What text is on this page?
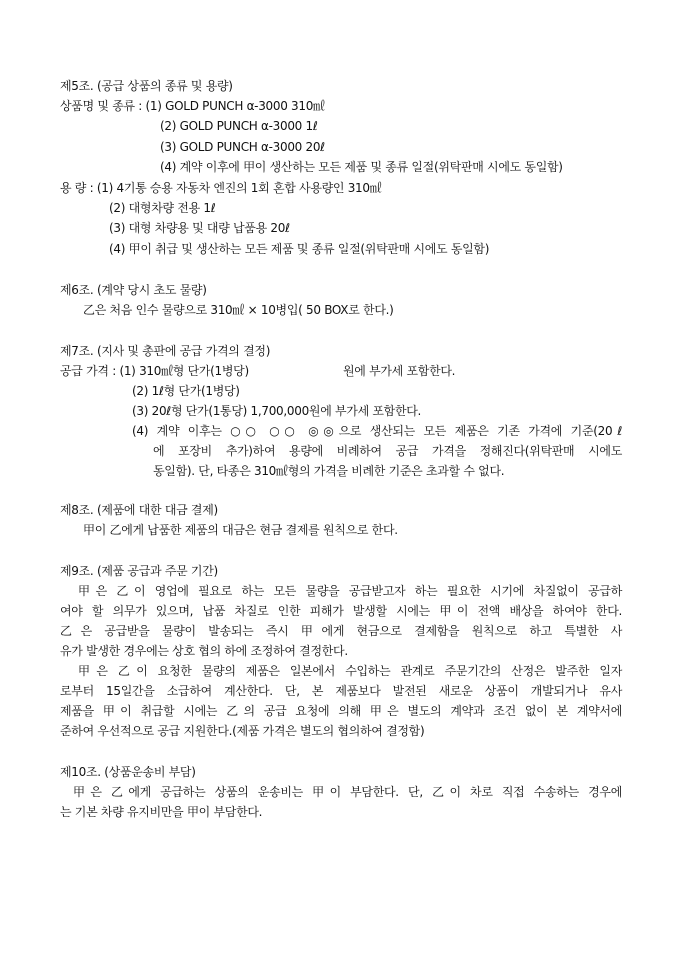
제5조. (공급 상품의 종류 및 용량)
상품명 및 종류 : (1) GOLD PUNCH α-3000 310㎖
(2) GOLD PUNCH α-3000 1ℓ
(3) GOLD PUNCH α-3000 20ℓ
(4) 계약 이후에 甲이 생산하는 모든 제품 및 종류 일절(위탁판매 시에도 동일함)
용 량 : (1) 4기통 승용 자동차 엔진의 1회 혼합 사용량인 310㎖
(2) 대형차량 전용 1ℓ
(3) 대형 차량용 및 대량 납품용 20ℓ
(4) 甲이 취급 및 생산하는 모든 제품 및 종류 일절(위탁판매 시에도 동일함)
제6조. (계약 당시 초도 물량)
乙은 처음 인수 물량으로 310㎖ × 10병입( 50 BOX로 한다.)
제7조. (지사 및 총판에 공급 가격의 결정)
공급 가격 : (1) 310㎖형 단가(1병당)	원에 부가세 포함한다.
(2) 1ℓ형 단가(1병당)
(3) 20ℓ형 단가(1통당) 1,700,000원에 부가세 포함한다.
(4) 계약 이후는 ○○ ○○ ◎◎으로 생산되는 모든 제품은 기존 가격에 기준(20ℓ
에 포장비 추가)하여 용량에 비례하여 공급 가격을 정해진다(위탁판매 시에도
동일함). 단, 타종은 310㎖형의 가격을 비례한 기준은 초과할 수 없다.
제8조. (제품에 대한 대금 결제)
甲이 乙에게 납품한 제품의 대금은 현금 결제를 원칙으로 한다.
제9조. (제품 공급과 주문 기간)
甲은 乙이 영업에 필요로 하는 모든 물량을 공급받고자 하는 필요한 시기에 차질없이 공급하
여야 할 의무가 있으며, 납품 차질로 인한 피해가 발생할 시에는 甲이 전액 배상을 하여야 한다.
乙은 공급받을 물량이 발송되는 즉시 甲에게 현금으로 결제함을 원칙으로 하고 특별한 사
유가 발생한 경우에는 상호 협의 하에 조정하여 결정한다.
甲은 乙이 요청한 물량의 제품은 일본에서 수입하는 관계로 주문기간의 산정은 발주한 일자
로부터 15일간을 소급하여 계산한다. 단, 본 제품보다 발전된 새로운 상품이 개발되거나 유사
제품을 甲이 취급할 시에는 乙의 공급 요청에 의해 甲은 별도의 계약과 조건 없이 본 계약서에
준하여 우선적으로 공급 지원한다.(제품 가격은 별도의 협의하여 결정함)
제10조. (상품운송비 부담)
甲은 乙에게 공급하는 상품의 운송비는 甲이 부담한다. 단, 乙이 차로 직접 수송하는 경우에
는 기본 차량 유지비만을 甲이 부담한다.
